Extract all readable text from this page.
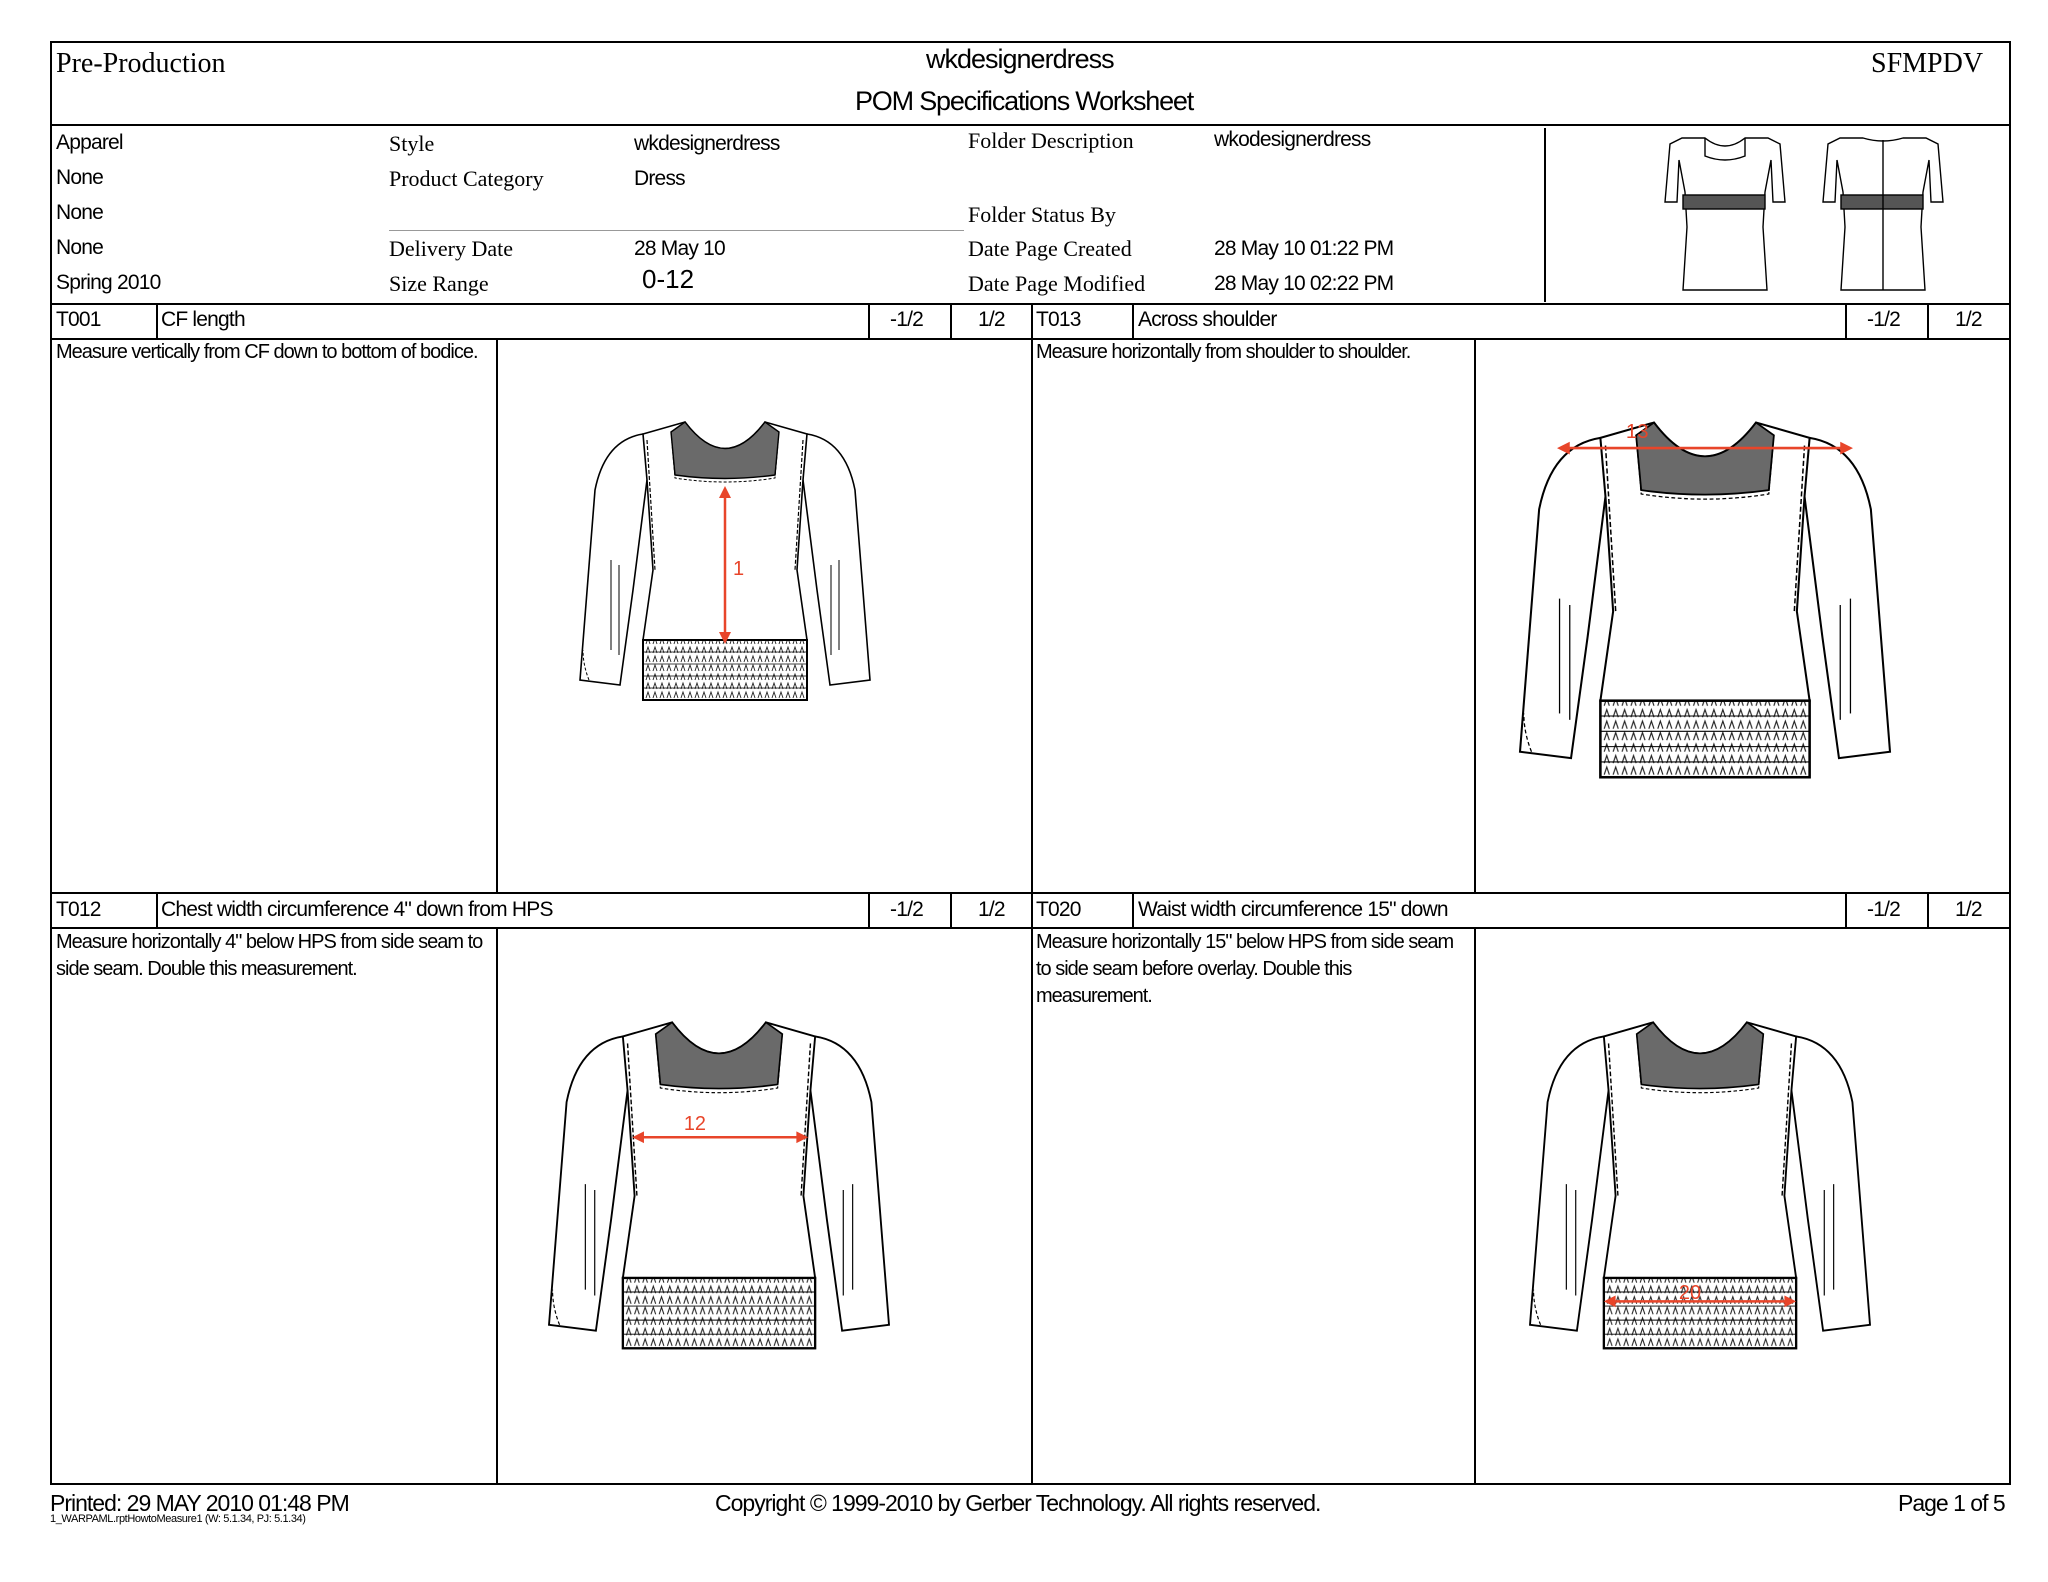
Pre-Production	wkdesignerdress
POM Specifications Worksheet
SFMPDV
Apparel
None
None
None
Spring 2010
Style	wkdesignerdress
Product Category	Dress
Delivery Date	28 May 10
Size Range	0-12
Folder Description	wkodesignerdress
Folder Status By
Date Page Created	28 May 10 01:22 PM
Date Page Modified	28 May 10 02:22 PM
T001	CF length	-1/2	1/2 T013	Across shoulder	-1/2	1/2
Measure vertically from CF down to bottom of bodice.	Measure horizontally from shoulder to shoulder.
T012	Chest width circumference 4" down from HPS	-1/2	1/2 T020	Waist width circumference 15" down	-1/2	1/2
Measure horizontally 4" below HPS from side seam to side seam. Double this measurement.
Measure horizontally 15" below HPS from side seam to side seam before overlay. Double this measurement.
1
13
12
20
Printed: 29 MAY 2010 01:48 PM
1_WARPAML.rptHowtoMeasure1 (W: 5.1.34, PJ: 5.1.34)
Copyright © 1999-2010 by Gerber Technology. All rights reserved.	Page 1 of 5
